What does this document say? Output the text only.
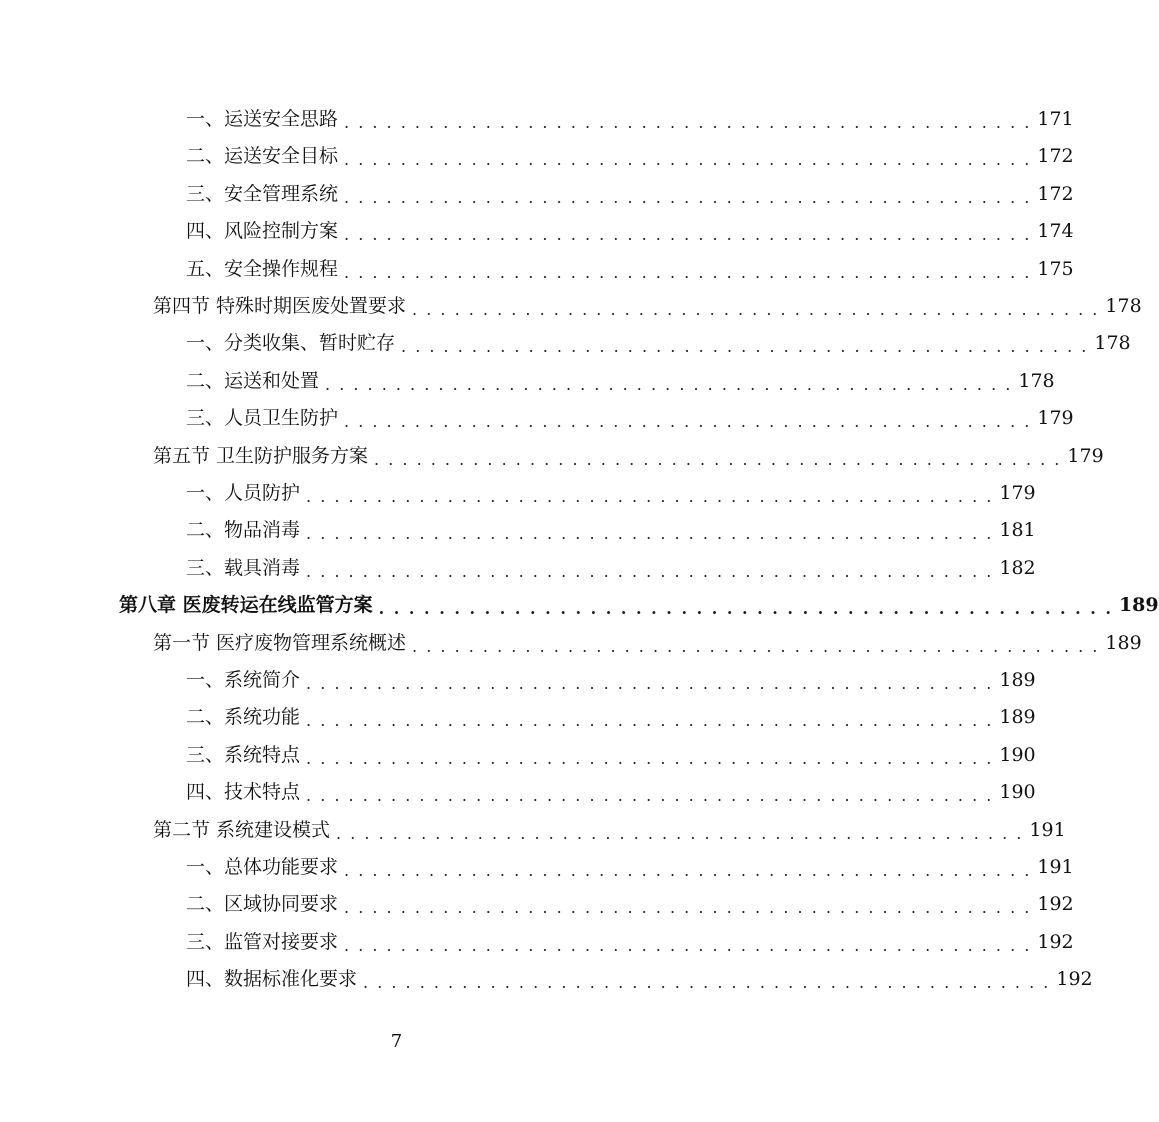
一、运送安全思路 . . . . . . . . . . . . . . . . . . . . . . . . . . . . . . . . . . . . . . . . . . . . . . . . . 171
二、运送安全目标 . . . . . . . . . . . . . . . . . . . . . . . . . . . . . . . . . . . . . . . . . . . . . . . . . 172
三、安全管理系统 . . . . . . . . . . . . . . . . . . . . . . . . . . . . . . . . . . . . . . . . . . . . . . . . . 172
四、风险控制方案 . . . . . . . . . . . . . . . . . . . . . . . . . . . . . . . . . . . . . . . . . . . . . . . . . 174
五、安全操作规程 . . . . . . . . . . . . . . . . . . . . . . . . . . . . . . . . . . . . . . . . . . . . . . . . . 175
第四节 特殊时期医废处置要求 . . . . . . . . . . . . . . . . . . . . . . . . . . . . . . . . . . . . . . . . . . . . . . . . . 178
一、分类收集、暂时贮存 . . . . . . . . . . . . . . . . . . . . . . . . . . . . . . . . . . . . . . . . . . . . . . . . . 178
二、运送和处置 . . . . . . . . . . . . . . . . . . . . . . . . . . . . . . . . . . . . . . . . . . . . . . . . . 178
三、人员卫生防护 . . . . . . . . . . . . . . . . . . . . . . . . . . . . . . . . . . . . . . . . . . . . . . . . . 179
第五节 卫生防护服务方案 . . . . . . . . . . . . . . . . . . . . . . . . . . . . . . . . . . . . . . . . . . . . . . . . . 179
一、人员防护 . . . . . . . . . . . . . . . . . . . . . . . . . . . . . . . . . . . . . . . . . . . . . . . . . 179
二、物品消毒 . . . . . . . . . . . . . . . . . . . . . . . . . . . . . . . . . . . . . . . . . . . . . . . . . 181
三、载具消毒 . . . . . . . . . . . . . . . . . . . . . . . . . . . . . . . . . . . . . . . . . . . . . . . . . 182
第八章 医废转运在线监管方案 . . . . . . . . . . . . . . . . . . . . . . . . . . . . . . . . . . . . . . . . . . . . . . . . . 189
第一节 医疗废物管理系统概述 . . . . . . . . . . . . . . . . . . . . . . . . . . . . . . . . . . . . . . . . . . . . . . . . . 189
一、系统简介 . . . . . . . . . . . . . . . . . . . . . . . . . . . . . . . . . . . . . . . . . . . . . . . . . 189
二、系统功能 . . . . . . . . . . . . . . . . . . . . . . . . . . . . . . . . . . . . . . . . . . . . . . . . . 189
三、系统特点 . . . . . . . . . . . . . . . . . . . . . . . . . . . . . . . . . . . . . . . . . . . . . . . . . 190
四、技术特点 . . . . . . . . . . . . . . . . . . . . . . . . . . . . . . . . . . . . . . . . . . . . . . . . . 190
第二节 系统建设模式 . . . . . . . . . . . . . . . . . . . . . . . . . . . . . . . . . . . . . . . . . . . . . . . . . 191
一、总体功能要求 . . . . . . . . . . . . . . . . . . . . . . . . . . . . . . . . . . . . . . . . . . . . . . . . . 191
二、区域协同要求 . . . . . . . . . . . . . . . . . . . . . . . . . . . . . . . . . . . . . . . . . . . . . . . . . 192
三、监管对接要求 . . . . . . . . . . . . . . . . . . . . . . . . . . . . . . . . . . . . . . . . . . . . . . . . . 192
四、数据标准化要求 . . . . . . . . . . . . . . . . . . . . . . . . . . . . . . . . . . . . . . . . . . . . . . . . . 192
7
